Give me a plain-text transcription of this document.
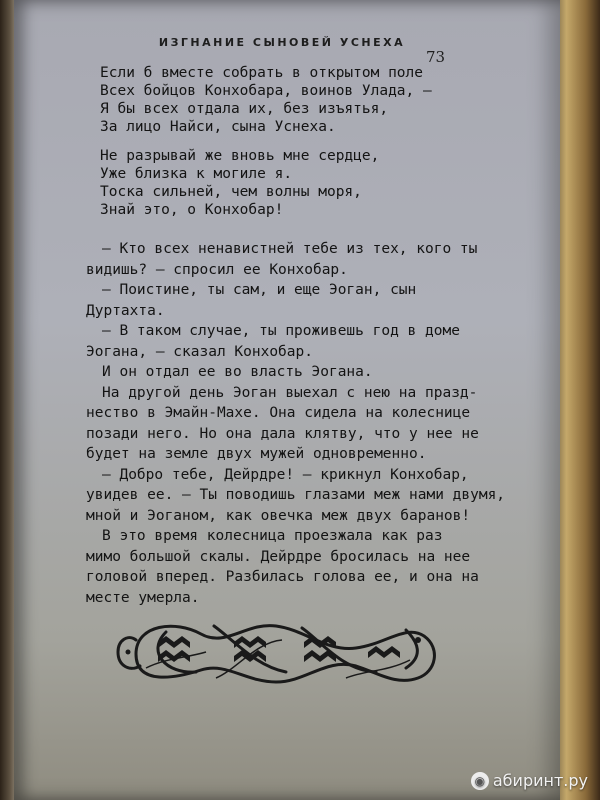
ИЗГНАНИЕ СЫНОВЕЙ УСНЕХА
73
Если б вместе собрать в открытом поле
Всех бойцов Конхобара, воинов Улада, —
Я бы всех отдала их, без изъятья,
За лицо Найси, сына Уснеха.
Не разрывай же вновь мне сердце,
Уже близка к могиле я.
Тоска сильней, чем волны моря,
Знай это, о Конхобар!
— Кто всех ненавистней тебе из тех, кого ты
видишь? — спросил ее Конхобар.
— Поистине, ты сам, и еще Эоган, сын
Дуртахта.
— В таком случае, ты проживешь год в доме
Эогана, — сказал Конхобар.
И он отдал ее во власть Эогана.
На другой день Эоган выехал с нею на празд-
нество в Эмайн-Махе. Она сидела на колеснице
позади него. Но она дала клятву, что у нее не
будет на земле двух мужей одновременно.
— Добро тебе, Дейрдре! — крикнул Конхобар,
увидев ее. — Ты поводишь глазами меж нами двумя,
мной и Эоганом, как овечка меж двух баранов!
В это время колесница проезжала как раз
мимо большой скалы. Дейрдре бросилась на нее
головой вперед. Разбилась голова ее, и она на
месте умерла.
◉ абиринт.ру
